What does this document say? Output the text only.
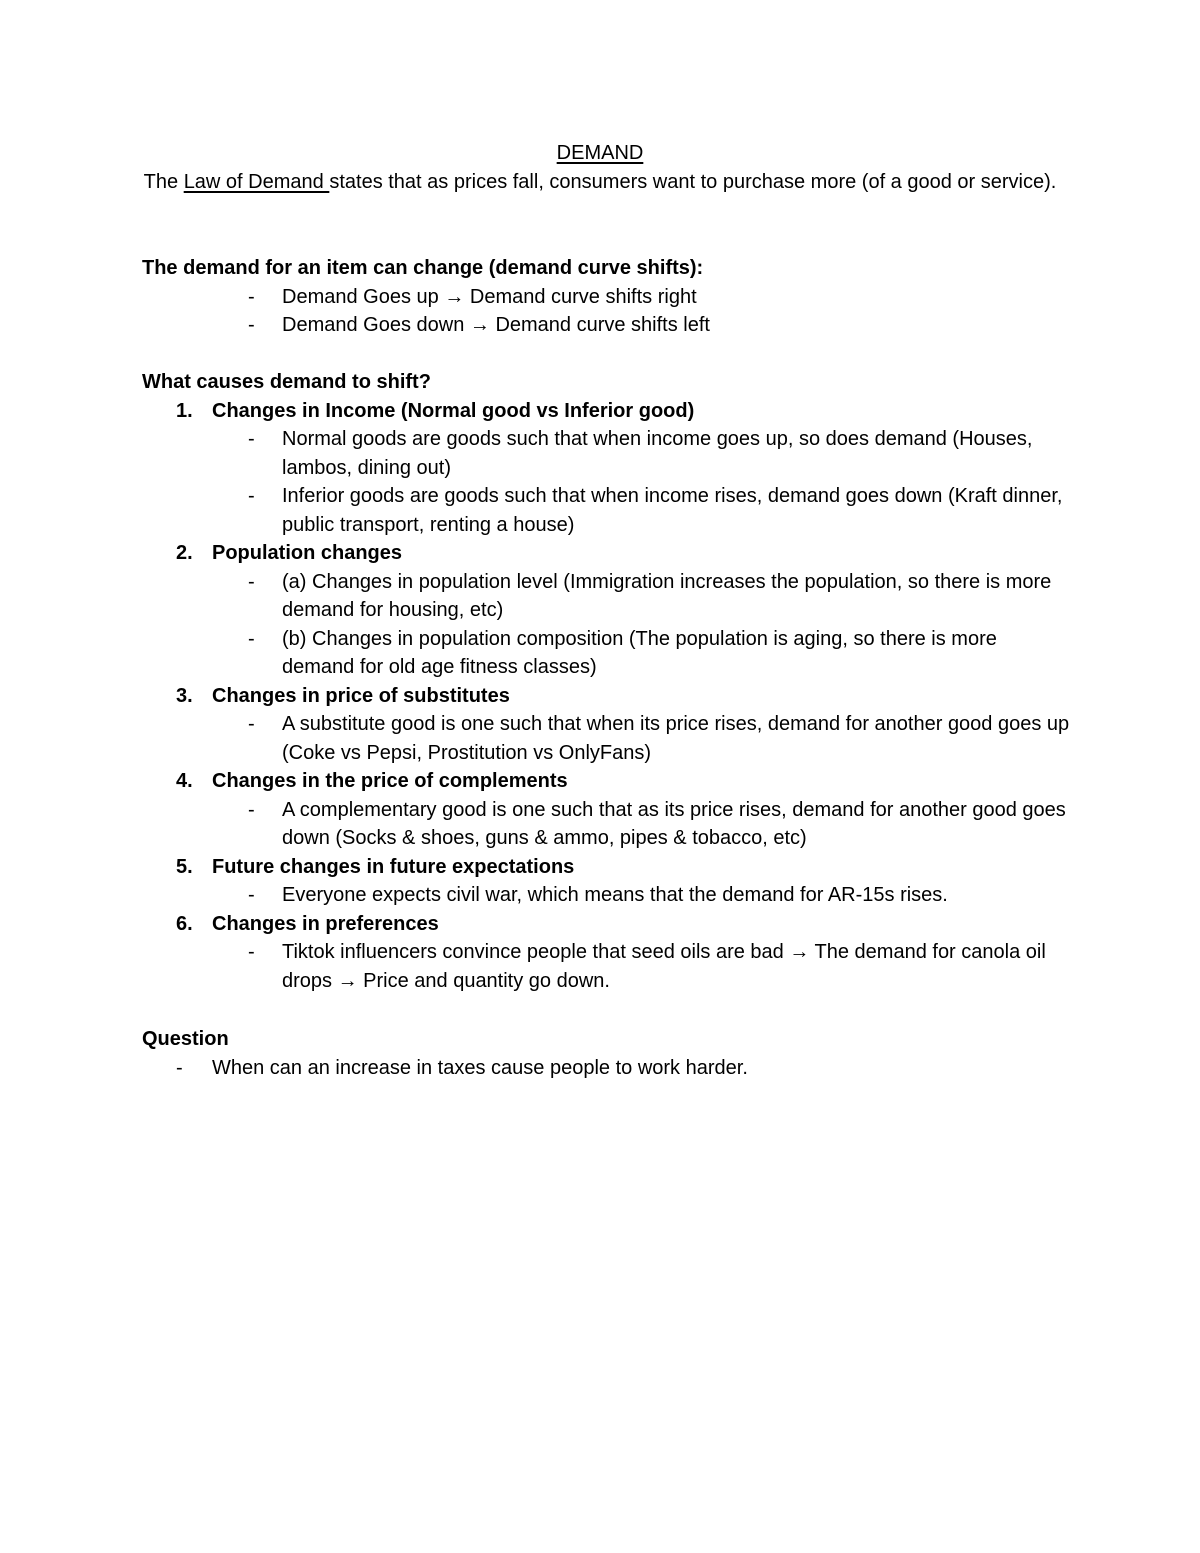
DEMAND
The Law of Demand states that as prices fall, consumers want to purchase more (of a good or service).
The demand for an item can change (demand curve shifts):
- Demand Goes up → Demand curve shifts right
- Demand Goes down → Demand curve shifts left
What causes demand to shift?
1. Changes in Income (Normal good vs Inferior good)
- Normal goods are goods such that when income goes up, so does demand (Houses, lambos, dining out)
- Inferior goods are goods such that when income rises, demand goes down (Kraft dinner, public transport, renting a house)
2. Population changes
- (a) Changes in population level (Immigration increases the population, so there is more demand for housing, etc)
- (b) Changes in population composition (The population is aging, so there is more demand for old age fitness classes)
3. Changes in price of substitutes
- A substitute good is one such that when its price rises, demand for another good goes up (Coke vs Pepsi, Prostitution vs OnlyFans)
4. Changes in the price of complements
- A complementary good is one such that as its price rises, demand for another good goes down (Socks & shoes, guns & ammo, pipes & tobacco, etc)
5. Future changes in future expectations
- Everyone expects civil war, which means that the demand for AR-15s rises.
6. Changes in preferences
- Tiktok influencers convince people that seed oils are bad → The demand for canola oil drops → Price and quantity go down.
Question
- When can an increase in taxes cause people to work harder.
